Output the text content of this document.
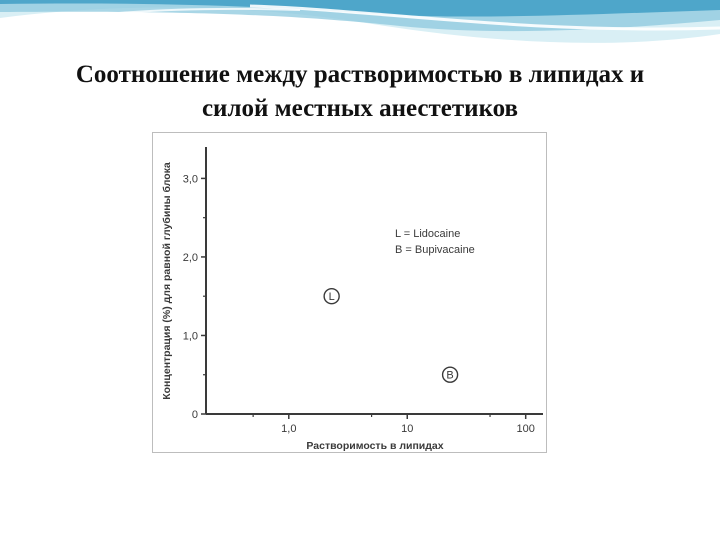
Соотношение между растворимостью в липидах и
силой местных анестетиков
Концентрация (%) для равной глубины блока
Растворимость в липидах
L = Lidocaine
B = Bupivacaine
0
1,0
2,0
3,0
1,0	10	100
L
B
